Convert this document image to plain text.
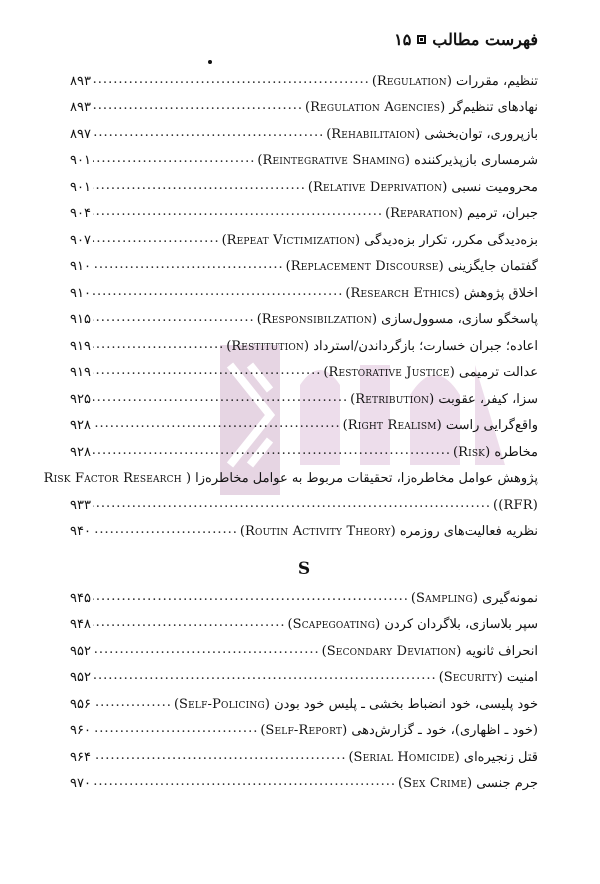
فهرست مطالب
۱۵
تنظیم، مقررات (Regulation)
.....
۸۹۳
نهادهای تنظیم‌گر (Regulation Agencies)
.....
۸۹۳
بازپروری، توان‌بخشی (Rehabilitaion)
.....
۸۹۷
شرمساری بازپذیرکننده (Reintegrative Shaming)
.....
۹۰۱
محرومیت نسبی (Relative Deprivation)
.....
۹۰۱
جبران، ترمیم (Reparation)
.....
۹۰۴
بزه‌دیدگی مکرر، تکرار بزه‌دیدگی (Repeat Victimization)
.....
۹۰۷
گفتمان جایگزینی (Replacement Discourse)
.....
۹۱۰
اخلاق پژوهش (Research Ethics)
.....
۹۱۰
پاسخگو سازی، مسوول‌سازی (Responsibilzation)
.....
۹۱۵
اعاده؛ جبران خسارت؛ بازگرداندن/استرداد (Restitution)
.....
۹۱۹
عدالت ترمیمی (Restorative Justice)
.....
۹۱۹
سزا، کیفر، عقوبت (Retribution)
.....
۹۲۵
واقع‌گرایی راست (Right Realism)
.....
۹۲۸
مخاطره (Risk)
.....
۹۲۸
پژوهش عوامل مخاطره‌زا، تحقیقات مربوط به عوامل مخاطره‌زا ( Risk Factor Research
(RFR))
.....
۹۳۳
نظریه فعالیت‌های روزمره (Routin Activity Theory)
.....
۹۴۰
S
نمونه‌گیری (Sampling)
.....
۹۴۵
سپر بلاسازی، بلاگردان کردن (Scapegoating)
.....
۹۴۸
انحراف ثانویه (Secondary Deviation)
.....
۹۵۲
امنیت (Security)
.....
۹۵۲
خود پلیسی، خود انضباط بخشی ـ پلیس خود بودن (Self-Policing)
.....
۹۵۶
(خود ـ اظهاری)، خود ـ گزارش‌دهی (Self-Report)
.....
۹۶۰
قتل زنجیره‌ای (Serial Homicide)
.....
۹۶۴
جرم جنسی (Sex Crime)
.....
۹۷۰
